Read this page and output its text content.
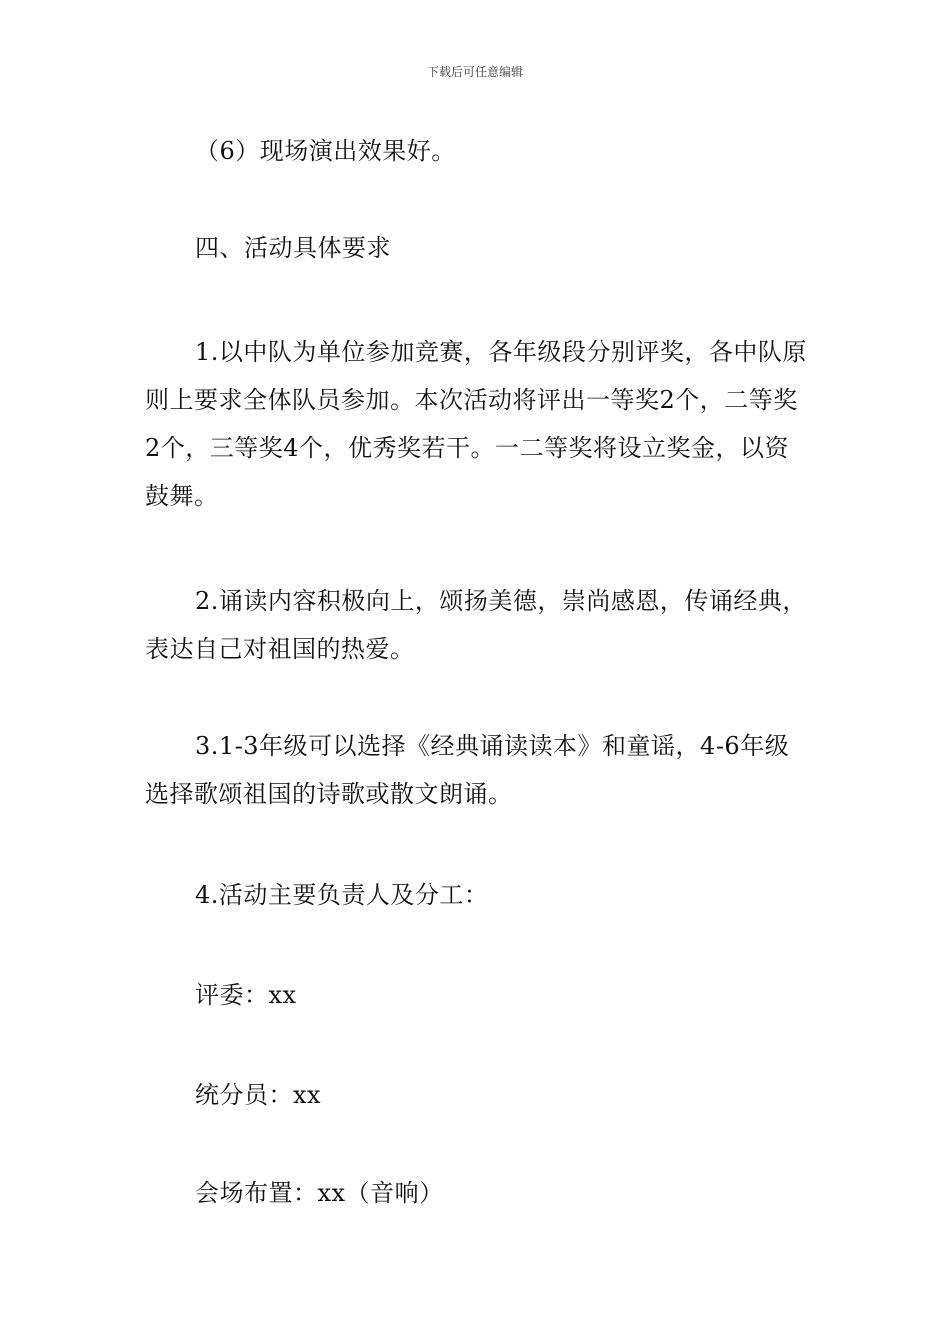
下载后可任意编辑

（6）现场演出效果好。

四、活动具体要求

1.以中队为单位参加竞赛，各年级段分别评奖，各中队原则上要求全体队员参加。本次活动将评出一等奖2个，二等奖2个，三等奖4个，优秀奖若干。一二等奖将设立奖金，以资鼓舞。

2.诵读内容积极向上，颂扬美德，崇尚感恩，传诵经典，表达自己对祖国的热爱。

3.1-3年级可以选择《经典诵读读本》和童谣，4-6年级选择歌颂祖国的诗歌或散文朗诵。

4.活动主要负责人及分工：

评委：xx

统分员：xx

会场布置：xx（音响）
